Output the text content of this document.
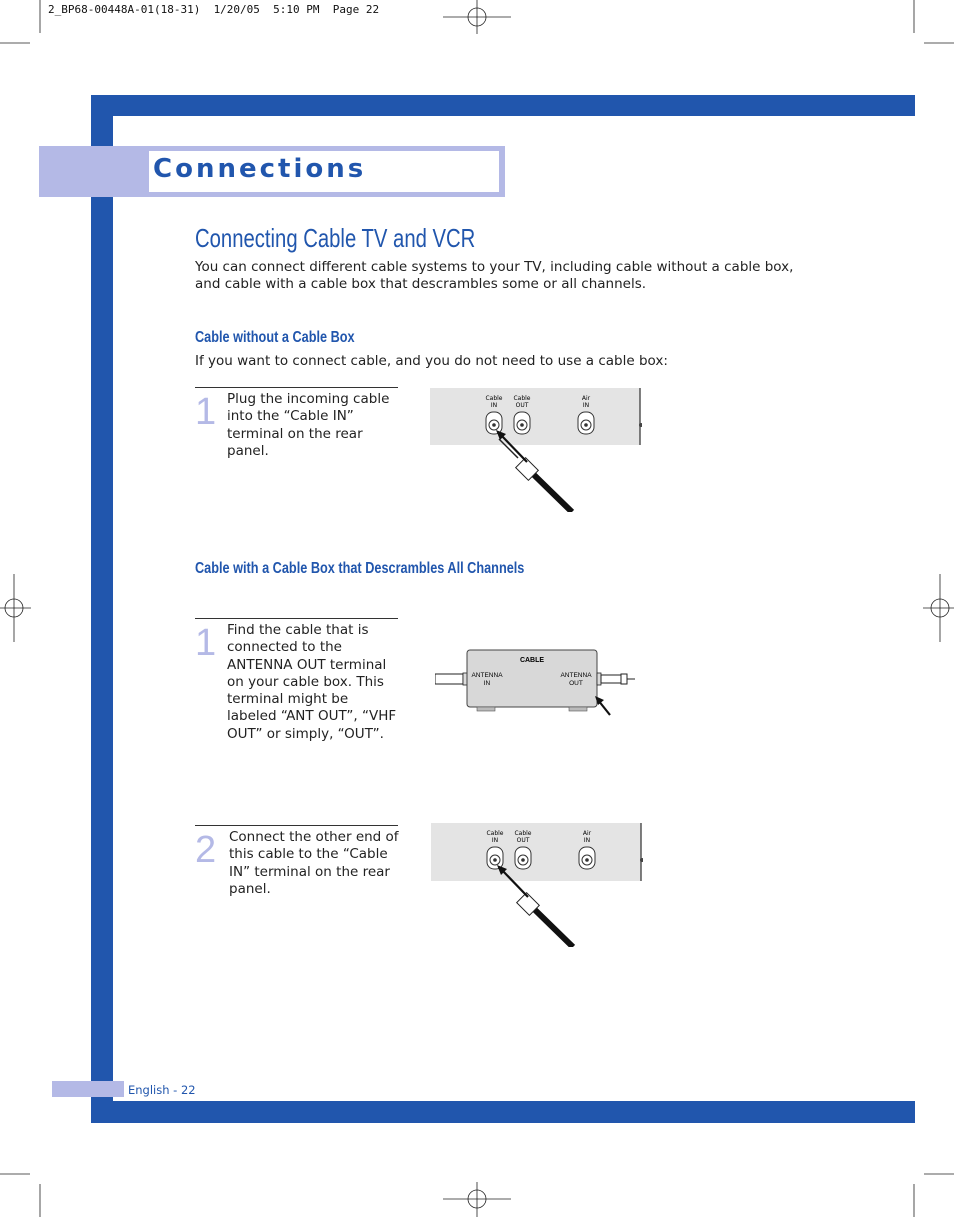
2_BP68-00448A-01(18-31)  1/20/05  5:10 PM  Page 22
Connections
Connecting Cable TV and VCR
You can connect different cable systems to your TV, including cable without a cable box, and cable with a cable box that descrambles some or all channels.
Cable without a Cable Box
If you want to connect cable, and you do not need to use a cable box:
1 Plug the incoming cable into the “Cable IN” terminal on the rear panel.
Cable
IN
Cable
OUT
Air
IN
Cable with a Cable Box that Descrambles All Channels
1 Find the cable that is connected to the ANTENNA OUT terminal on your cable box. This terminal might be labeled “ANT OUT”, “VHF OUT” or simply, “OUT”.
CABLE
ANTENNA
IN
ANTENNA
OUT
2 Connect the other end of this cable to the “Cable IN” terminal on the rear panel.
Cable
IN
Cable
OUT
Air
IN
English - 22
